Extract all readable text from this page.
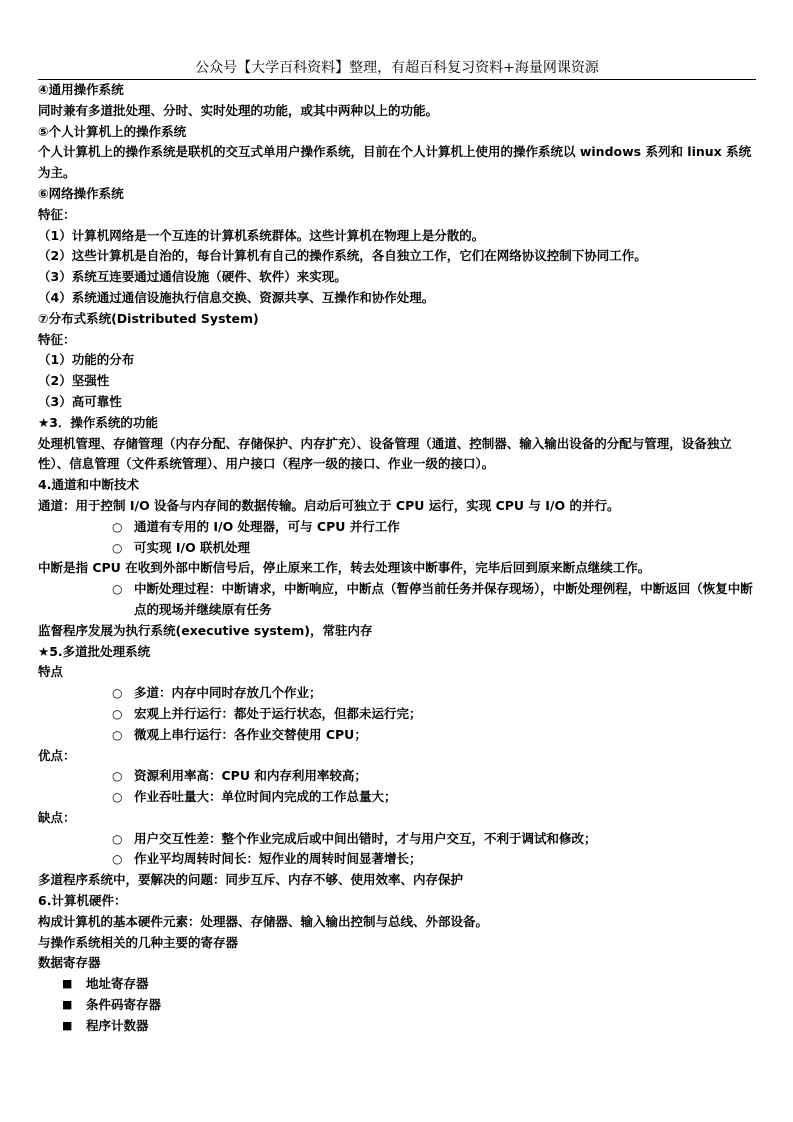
公众号【大学百科资料】整理，有超百科复习资料+海量网课资源
④通用操作系统
同时兼有多道批处理、分时、实时处理的功能，或其中两种以上的功能。
⑤个人计算机上的操作系统
个人计算机上的操作系统是联机的交互式单用户操作系统，目前在个人计算机上使用的操作系统以 windows 系列和 linux 系统为主。
⑥网络操作系统
特征：
（1）计算机网络是一个互连的计算机系统群体。这些计算机在物理上是分散的。
（2）这些计算机是自治的，每台计算机有自己的操作系统，各自独立工作，它们在网络协议控制下协同工作。
（3）系统互连要通过通信设施（硬件、软件）来实现。
（4）系统通过通信设施执行信息交换、资源共享、互操作和协作处理。
⑦分布式系统(Distributed System)
特征：
（1）功能的分布
（2）坚强性
（3）高可靠性
★3．操作系统的功能
处理机管理、存储管理（内存分配、存储保护、内存扩充）、设备管理（通道、控制器、输入输出设备的分配与管理，设备独立性）、信息管理（文件系统管理）、用户接口（程序一级的接口、作业一级的接口）。
4.通道和中断技术
通道：用于控制 I/O 设备与内存间的数据传输。启动后可独立于 CPU 运行，实现 CPU 与 I/O 的并行。
○ 通道有专用的 I/O 处理器，可与 CPU 并行工作
○ 可实现 I/O 联机处理
中断是指 CPU 在收到外部中断信号后，停止原来工作，转去处理该中断事件，完毕后回到原来断点继续工作。
○ 中断处理过程：中断请求，中断响应，中断点（暂停当前任务并保存现场），中断处理例程，中断返回（恢复中断点的现场并继续原有任务
监督程序发展为执行系统(executive system)，常驻内存
★5.多道批处理系统
特点
○ 多道：内存中同时存放几个作业；
○ 宏观上并行运行：都处于运行状态，但都未运行完；
○ 微观上串行运行：各作业交替使用 CPU；
优点：
○ 资源利用率高：CPU 和内存利用率较高；
○ 作业吞吐量大：单位时间内完成的工作总量大；
缺点：
○ 用户交互性差：整个作业完成后或中间出错时，才与用户交互，不利于调试和修改；
○ 作业平均周转时间长：短作业的周转时间显著增长；
多道程序系统中，要解决的问题：同步互斥、内存不够、使用效率、内存保护
6.计算机硬件：
构成计算机的基本硬件元素：处理器、存储器、输入输出控制与总线、外部设备。
与操作系统相关的几种主要的寄存器
数据寄存器
■ 地址寄存器
■ 条件码寄存器
■ 程序计数器
